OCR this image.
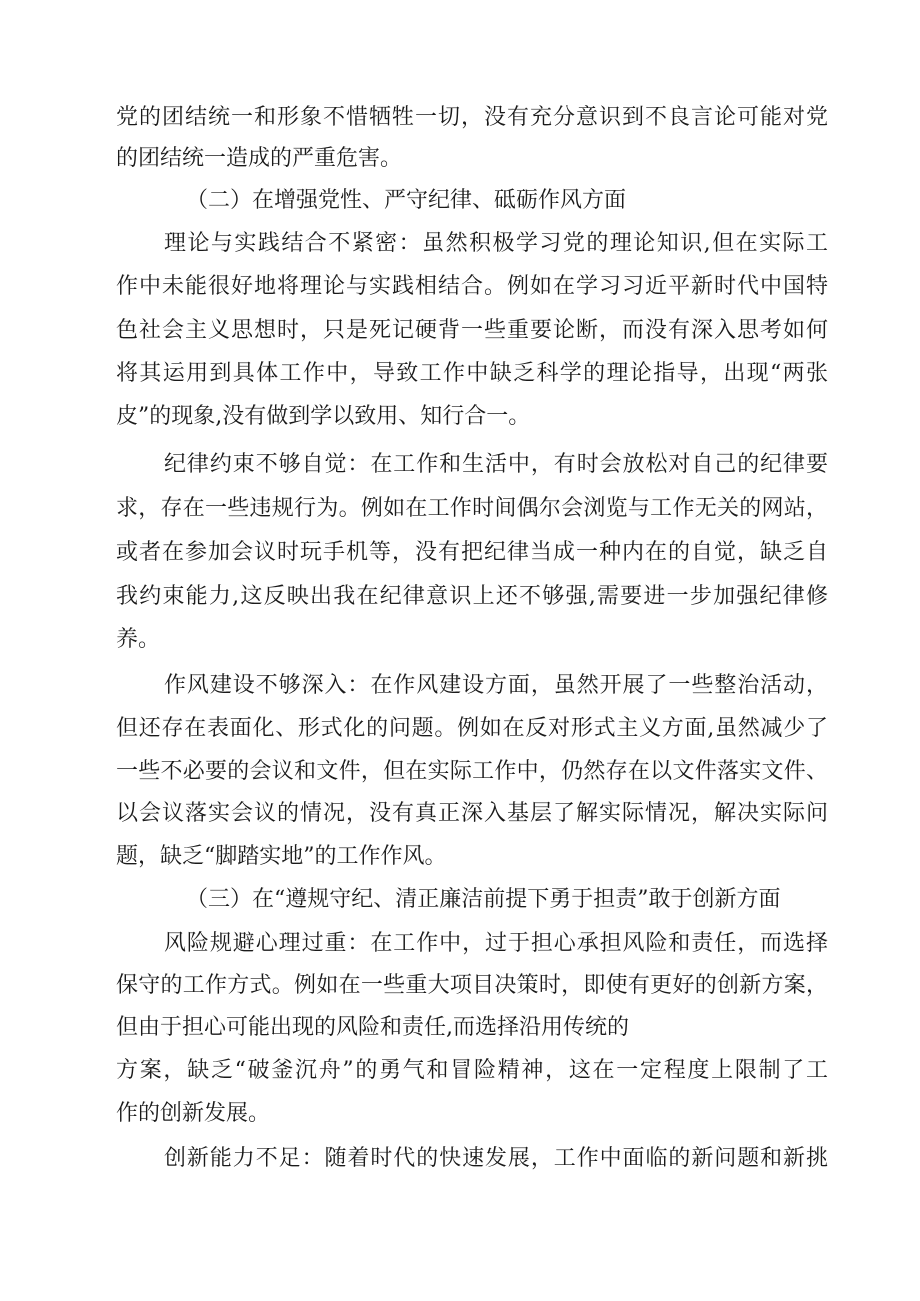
党的团结统一和形象不惜牺牲一切，没有充分意识到不良言论可能对党

的团结统一造成的严重危害。

（二）在增强党性、严守纪律、砥砺作风方面

理论与实践结合不紧密：虽然积极学习党的理论知识,但在实际工

作中未能很好地将理论与实践相结合。例如在学习习近平新时代中国特

色社会主义思想时，只是死记硬背一些重要论断，而没有深入思考如何

将其运用到具体工作中，导致工作中缺乏科学的理论指导，出现“两张

皮”的现象,没有做到学以致用、知行合一。

纪律约束不够自觉：在工作和生活中，有时会放松对自己的纪律要

求，存在一些违规行为。例如在工作时间偶尔会浏览与工作无关的网站，

或者在参加会议时玩手机等，没有把纪律当成一种内在的自觉，缺乏自

我约束能力,这反映出我在纪律意识上还不够强,需要进一步加强纪律修

养。

作风建设不够深入：在作风建设方面，虽然开展了一些整治活动，

但还存在表面化、形式化的问题。例如在反对形式主义方面,虽然减少了

一些不必要的会议和文件，但在实际工作中，仍然存在以文件落实文件、

以会议落实会议的情况，没有真正深入基层了解实际情况，解决实际问

题，缺乏“脚踏实地”的工作作风。

（三）在“遵规守纪、清正廉洁前提下勇于担责”敢于创新方面

风险规避心理过重：在工作中，过于担心承担风险和责任，而选择

保守的工作方式。例如在一些重大项目决策时，即使有更好的创新方案，

但由于担心可能出现的风险和责任,而选择沿用传统的

方案，缺乏“破釜沉舟”的勇气和冒险精神，这在一定程度上限制了工

作的创新发展。

创新能力不足：随着时代的快速发展，工作中面临的新问题和新挑
